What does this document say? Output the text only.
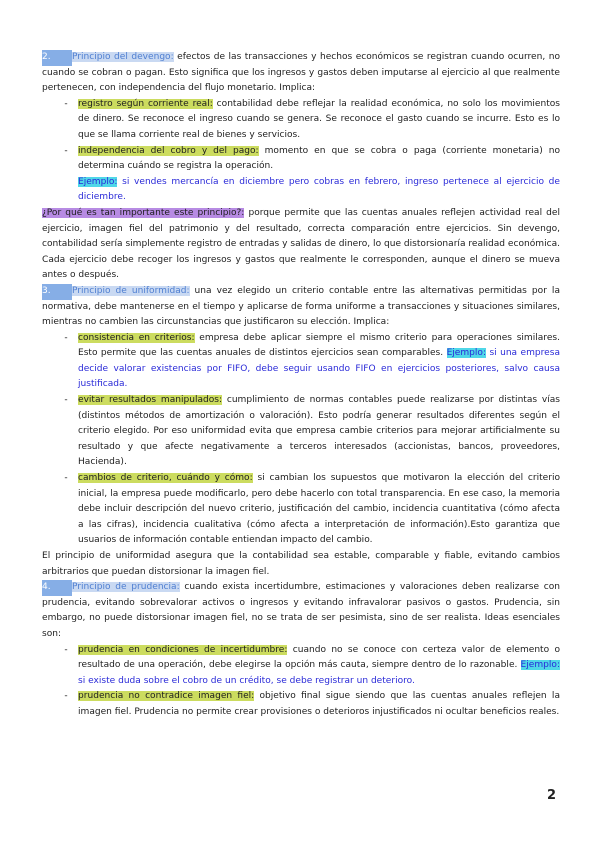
2. Principio del devengo: efectos de las transacciones y hechos económicos se registran cuando ocurren, no cuando se cobran o pagan. Esto significa que los ingresos y gastos deben imputarse al ejercicio al que realmente pertenecen, con independencia del flujo monetario. Implica:

-	registro según corriente real: contabilidad debe reflejar la realidad económica, no solo los movimientos de dinero. Se reconoce el ingreso cuando se genera. Se reconoce el gasto cuando se incurre. Esto es lo que se llama corriente real de bienes y servicios.

-	independencia del cobro y del pago: momento en que se cobra o paga (corriente monetaria) no determina cuándo se registra la operación.

Ejemplo: si vendes mercancía en diciembre pero cobras en febrero, ingreso pertenece al ejercicio de diciembre.

¿Por qué es tan importante este principio?: porque permite que las cuentas anuales reflejen actividad real del ejercicio, imagen fiel del patrimonio y del resultado, correcta comparación entre ejercicios. Sin devengo, contabilidad sería simplemente registro de entradas y salidas de dinero, lo que distorsionaría realidad económica. Cada ejercicio debe recoger los ingresos y gastos que realmente le corresponden, aunque el dinero se mueva antes o después.

3. Principio de uniformidad: una vez elegido un criterio contable entre las alternativas permitidas por la normativa, debe mantenerse en el tiempo y aplicarse de forma uniforme a transacciones y situaciones similares, mientras no cambien las circunstancias que justificaron su elección. Implica:

-	consistencia en criterios: empresa debe aplicar siempre el mismo criterio para operaciones similares. Esto permite que las cuentas anuales de distintos ejercicios sean comparables. Ejemplo: si una empresa decide valorar existencias por FIFO, debe seguir usando FIFO en ejercicios posteriores, salvo causa justificada.

-	evitar resultados manipulados: cumplimiento de normas contables puede realizarse por distintas vías (distintos métodos de amortización o valoración). Esto podría generar resultados diferentes según el criterio elegido. Por eso uniformidad evita que empresa cambie criterios para mejorar artificialmente su resultado y que afecte negativamente a terceros interesados (accionistas, bancos, proveedores, Hacienda).

-	cambios de criterio, cuándo y cómo: si cambian los supuestos que motivaron la elección del criterio inicial, la empresa puede modificarlo, pero debe hacerlo con total transparencia. En ese caso, la memoria debe incluir descripción del nuevo criterio, justificación del cambio, incidencia cuantitativa (cómo afecta a las cifras), incidencia cualitativa (cómo afecta a interpretación de información).Esto garantiza que usuarios de información contable entiendan impacto del cambio.

El principio de uniformidad asegura que la contabilidad sea estable, comparable y fiable, evitando cambios arbitrarios que puedan distorsionar la imagen fiel.

4. Principio de prudencia: cuando exista incertidumbre, estimaciones y valoraciones deben realizarse con prudencia, evitando sobrevalorar activos o ingresos y evitando infravalorar pasivos o gastos. Prudencia, sin embargo, no puede distorsionar imagen fiel, no se trata de ser pesimista, sino de ser realista. Ideas esenciales son:

-	prudencia en condiciones de incertidumbre: cuando no se conoce con certeza valor de elemento o resultado de una operación, debe elegirse la opción más cauta, siempre dentro de lo razonable. Ejemplo: si existe duda sobre el cobro de un crédito, se debe registrar un deterioro.

-	prudencia no contradice imagen fiel: objetivo final sigue siendo que las cuentas anuales reflejen la imagen fiel. Prudencia no permite crear provisiones o deterioros injustificados ni ocultar beneficios reales.

2
